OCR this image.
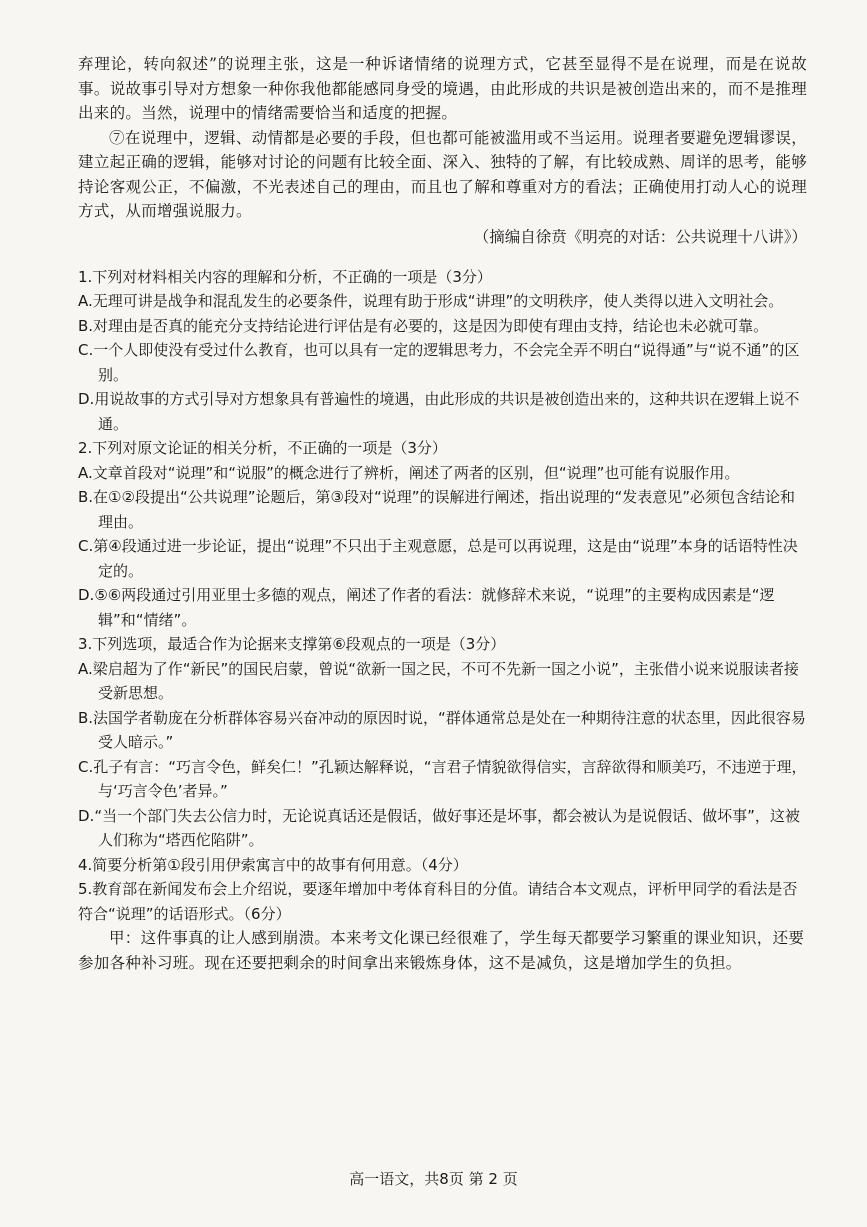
弃理论，转向叙述”的说理主张，这是一种诉诸情绪的说理方式，它甚至显得不是在说理，而是在说故事。说故事引导对方想象一种你我他都能感同身受的境遇，由此形成的共识是被创造出来的，而不是推理出来的。当然，说理中的情绪需要恰当和适度的把握。

⑦在说理中，逻辑、动情都是必要的手段，但也都可能被滥用或不当运用。说理者要避免逻辑谬误，建立起正确的逻辑，能够对讨论的问题有比较全面、深入、独特的了解，有比较成熟、周详的思考，能够持论客观公正，不偏激，不光表述自己的理由，而且也了解和尊重对方的看法；正确使用打动人心的说理方式，从而增强说服力。

（摘编自徐贲《明亮的对话：公共说理十八讲》）

1.下列对材料相关内容的理解和分析，不正确的一项是（3分）

A.无理可讲是战争和混乱发生的必要条件，说理有助于形成“讲理”的文明秩序，使人类得以进入文明社会。

B.对理由是否真的能充分支持结论进行评估是有必要的，这是因为即使有理由支持，结论也未必就可靠。

C.一个人即使没有受过什么教育，也可以具有一定的逻辑思考力，不会完全弄不明白“说得通”与“说不通”的区别。

D.用说故事的方式引导对方想象具有普遍性的境遇，由此形成的共识是被创造出来的，这种共识在逻辑上说不通。

2.下列对原文论证的相关分析，不正确的一项是（3分）

A.文章首段对“说理”和“说服”的概念进行了辨析，阐述了两者的区别，但“说理”也可能有说服作用。

B.在①②段提出“公共说理”论题后，第③段对“说理”的误解进行阐述，指出说理的“发表意见”必须包含结论和理由。

C.第④段通过进一步论证，提出“说理”不只出于主观意愿，总是可以再说理，这是由“说理”本身的话语特性决定的。

D.⑤⑥两段通过引用亚里士多德的观点，阐述了作者的看法：就修辞术来说，“说理”的主要构成因素是“逻辑”和“情绪”。

3.下列选项，最适合作为论据来支撑第⑥段观点的一项是（3分）

A.梁启超为了作“新民”的国民启蒙，曾说“欲新一国之民，不可不先新一国之小说”，主张借小说来说服读者接受新思想。

B.法国学者勒庞在分析群体容易兴奋冲动的原因时说，“群体通常总是处在一种期待注意的状态里，因此很容易受人暗示。”

C.孔子有言：“巧言令色，鲜矣仁！”孔颖达解释说，“言君子情貌欲得信实，言辞欲得和顺美巧，不违逆于理，与‘巧言令色’者异。”

D.“当一个部门失去公信力时，无论说真话还是假话，做好事还是坏事，都会被认为是说假话、做坏事”，这被人们称为“塔西佗陷阱”。

4.简要分析第①段引用伊索寓言中的故事有何用意。（4分）

5.教育部在新闻发布会上介绍说，要逐年增加中考体育科目的分值。请结合本文观点，评析甲同学的看法是否符合“说理”的话语形式。（6分）

甲：这件事真的让人感到崩溃。本来考文化课已经很难了，学生每天都要学习繁重的课业知识，还要参加各种补习班。现在还要把剩余的时间拿出来锻炼身体，这不是减负，这是增加学生的负担。

高一语文，共8页 第 2 页
